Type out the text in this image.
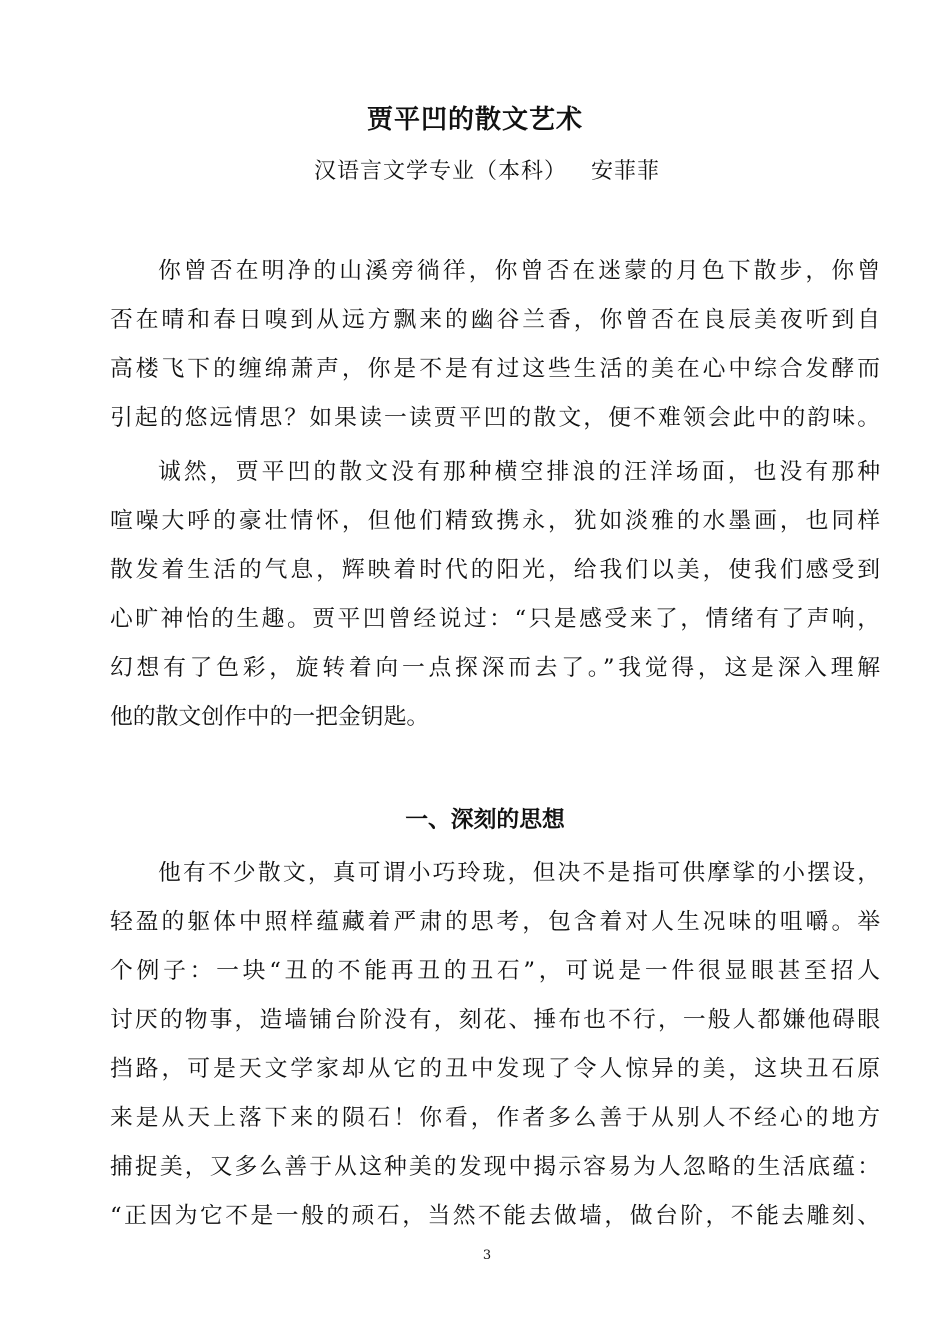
贾平凹的散文艺术

汉语言文学专业（本科）   安菲菲

你曾否在明净的山溪旁徜徉，你曾否在迷蒙的月色下散步，你曾
否在晴和春日嗅到从远方飘来的幽谷兰香，你曾否在良辰美夜听到自
高楼飞下的缠绵萧声，你是不是有过这些生活的美在心中综合发酵而
引起的悠远情思？如果读一读贾平凹的散文，便不难领会此中的韵味。
诚然，贾平凹的散文没有那种横空排浪的汪洋场面，也没有那种
喧噪大呼的豪壮情怀，但他们精致携永，犹如淡雅的水墨画，也同样
散发着生活的气息，辉映着时代的阳光，给我们以美，使我们感受到
心旷神怡的生趣。贾平凹曾经说过：“只是感受来了，情绪有了声响，
幻想有了色彩，旋转着向一点探深而去了。”我觉得，这是深入理解
他的散文创作中的一把金钥匙。
一、深刻的思想
他有不少散文，真可谓小巧玲珑，但决不是指可供摩挲的小摆设，
轻盈的躯体中照样蕴藏着严肃的思考，包含着对人生况味的咀嚼。举
个例子：一块“丑的不能再丑的丑石”，可说是一件很显眼甚至招人
讨厌的物事，造墙铺台阶没有，刻花、捶布也不行，一般人都嫌他碍眼
挡路，可是天文学家却从它的丑中发现了令人惊异的美，这块丑石原
来是从天上落下来的陨石！你看，作者多么善于从别人不经心的地方
捕捉美，又多么善于从这种美的发现中揭示容易为人忽略的生活底蕴：
“正因为它不是一般的顽石，当然不能去做墙，做台阶，不能去雕刻、
3
